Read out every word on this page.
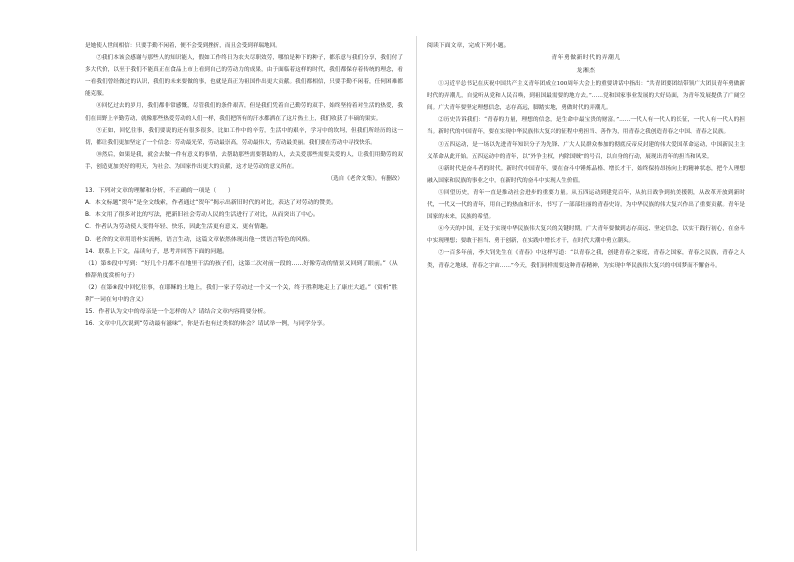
是她使人世间相信：只要手勤不闲着，便不会受到挫折，而且会受到祥瑞地回。

⑦我们本该会感谢与那些人的知识能人，假如工作终日为农夫尽职效劳，哪怕是种下的种子，都乐意与我们分享，我们付了多大代价，以至于我们不能真正在食品上市上看到自己的劳动力的成果，由于面临着这样的时代，我们都保存着传统的理念，看一看我们曾经做过的认识，我们的未来要做的事，也就是真正为祖国作出更大贡献。我们都相信，只要手勤不闲着，任何困难都能克服。

⑧回忆过去的岁月，我们都非常感慨，尽管我们的条件艰苦，但是我们凭着自己勤劳的双手，始终坚持着对生活的热爱，我们在田野上辛勤劳动，就像那些热爱劳动的人们一样，我们把所有的汗水都洒在了这片热土上，我们收获了丰硕的果实。

⑨正如，回忆往事，我们要说的还有很多很多，比如工作中的辛劳，生活中的艰辛，学习中的坎坷，但我们所经历的这一切，都让我们更加坚定了一个信念：劳动最光荣，劳动最崇高，劳动最伟大，劳动最美丽。我们要在劳动中寻找快乐。

⑩然后，如果是我，就会去做一件有意义的事情，去帮助那些需要帮助的人，去关爱那些需要关爱的人，让我们用勤劳的双手，创造更加美好的明天，为社会、为国家作出更大的贡献，这才是劳动的意义所在。

（选自《老舍文集》，有删改）

13．下列对文章的理解和分析，不正确的一项是（　　）

A．本文标题“贺年”是全文线索，作者通过“贺年”揭示出新旧时代的对比，表达了对劳动的赞美。

B．本文用了很多对比的写法，把新旧社会劳动人民的生活进行了对比，从而突出了中心。

C．作者认为劳动使人变得年轻、快乐，因此生活更有意义、更有情趣。

D．老舍的文章用语朴实流畅，语言生动，这篇文章依然体现出他一贯语言特色的风格。

14．联系上下文，品读句子，思考并回答下面的问题。

（1）第⑤段中写到：“好几个月都不在地里干活的孩子们，这第二次对前一段的……好像劳动的情景又回到了眼前。”（从修辞角度赏析句子）

（2）在第⑧段中回忆往事，在耶稣的土地上，我们一家子劳动过一个又一个关，终于胜利地走上了康庄大道。”（赏析“胜利”一词在句中的含义）

15．作者认为文中的母亲是一个怎样的人？请结合文章内容简要分析。

16．文章中几次说到“劳动最有滋味”，你是否也有过类似的体会？请试举一例，与同学分享。

阅读下面文章，完成下列小题。

青年勇做新时代的弄潮儿

龙湘杰

①习近平总书记在庆祝中国共产主义青年团成立100周年大会上的重要讲话中指出：“共青团要团结带领广大团员青年勇做新时代的弄潮儿，自觉听从党和人民召唤，到祖国最需要的地方去。”……党和国家事业发展的大好局面，为青年发展提供了广阔空间。广大青年要坚定理想信念，志存高远，脚踏实地，勇做时代的弄潮儿。

②历史告诉我们：“青春的力量，理想的信念，是生命中最宝贵的财富。”……一代人有一代人的长征，一代人有一代人的担当。新时代的中国青年，要在实现中华民族伟大复兴的征程中勇担当、善作为，用青春之我创造青春之中国、青春之民族。

③五四运动，是一场以先进青年知识分子为先锋、广大人民群众参加的彻底反帝反封建的伟大爱国革命运动，中国新民主主义革命从此开始。五四运动中的青年，以“外争主权，内除国贼”的号召，以自身的行动，展现出青年的担当和风采。

④新时代是奋斗者的时代。新时代中国青年，要在奋斗中锤炼品格、增长才干，始终保持昂扬向上的精神状态，把个人理想融入国家和民族的事业之中，在新时代的奋斗中实现人生价值。

⑤回望历史，青年一直是推动社会进步的重要力量。从五四运动到建党百年，从抗日战争到抗美援朝，从改革开放到新时代，一代又一代的青年，用自己的热血和汗水，书写了一部部壮丽的青春史诗，为中华民族的伟大复兴作出了重要贡献。青年是国家的未来，民族的希望。

⑥今天的中国，正处于实现中华民族伟大复兴的关键时期。广大青年要做到志存高远、坚定信念，以实干践行初心，在奋斗中实现理想；要敢于担当、勇于创新，在实践中增长才干，在时代大潮中勇立潮头。

⑦一百多年前，李大钊先生在《青春》中这样写道：“以青春之我，创建青春之家庭，青春之国家，青春之民族，青春之人类，青春之地球，青春之宇宙……”今天，我们同样需要这种青春精神，为实现中华民族伟大复兴的中国梦而不懈奋斗。
